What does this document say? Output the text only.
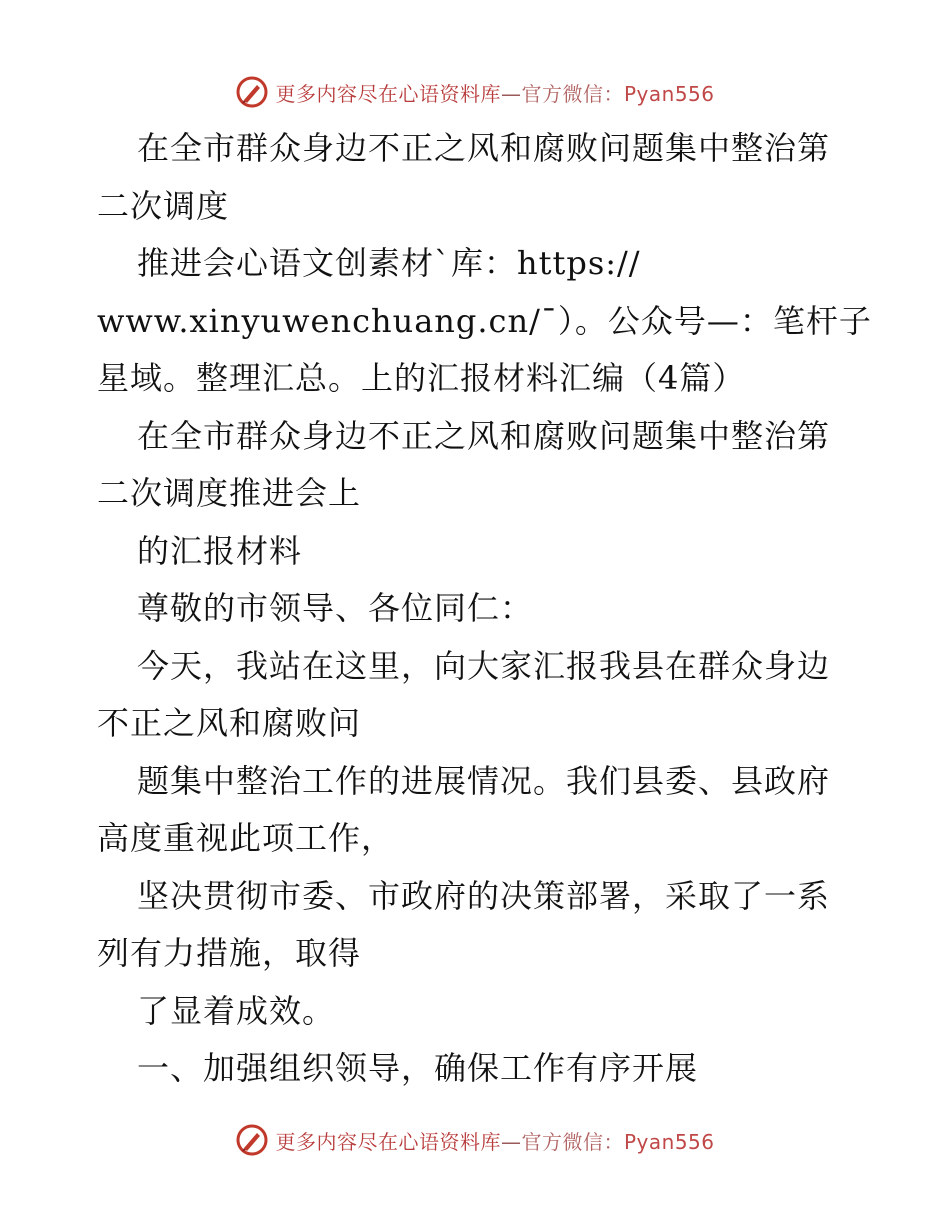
更多内容尽在心语资料库—官方微信：Pyan556

在全市群众身边不正之风和腐败问题集中整治第

二次调度

推进会心语文创素材`库：https://

www.xinyuwenchuang.cn/¯）。公众号—：笔杆子

星域。整理汇总。上的汇报材料汇编（4篇）

在全市群众身边不正之风和腐败问题集中整治第

二次调度推进会上

的汇报材料

尊敬的市领导、各位同仁：

今天，我站在这里，向大家汇报我县在群众身边

不正之风和腐败问

题集中整治工作的进展情况。我们县委、县政府

高度重视此项工作，

坚决贯彻市委、市政府的决策部署，采取了一系

列有力措施，取得

了显着成效。

一、加强组织领导，确保工作有序开展

更多内容尽在心语资料库—官方微信：Pyan556
